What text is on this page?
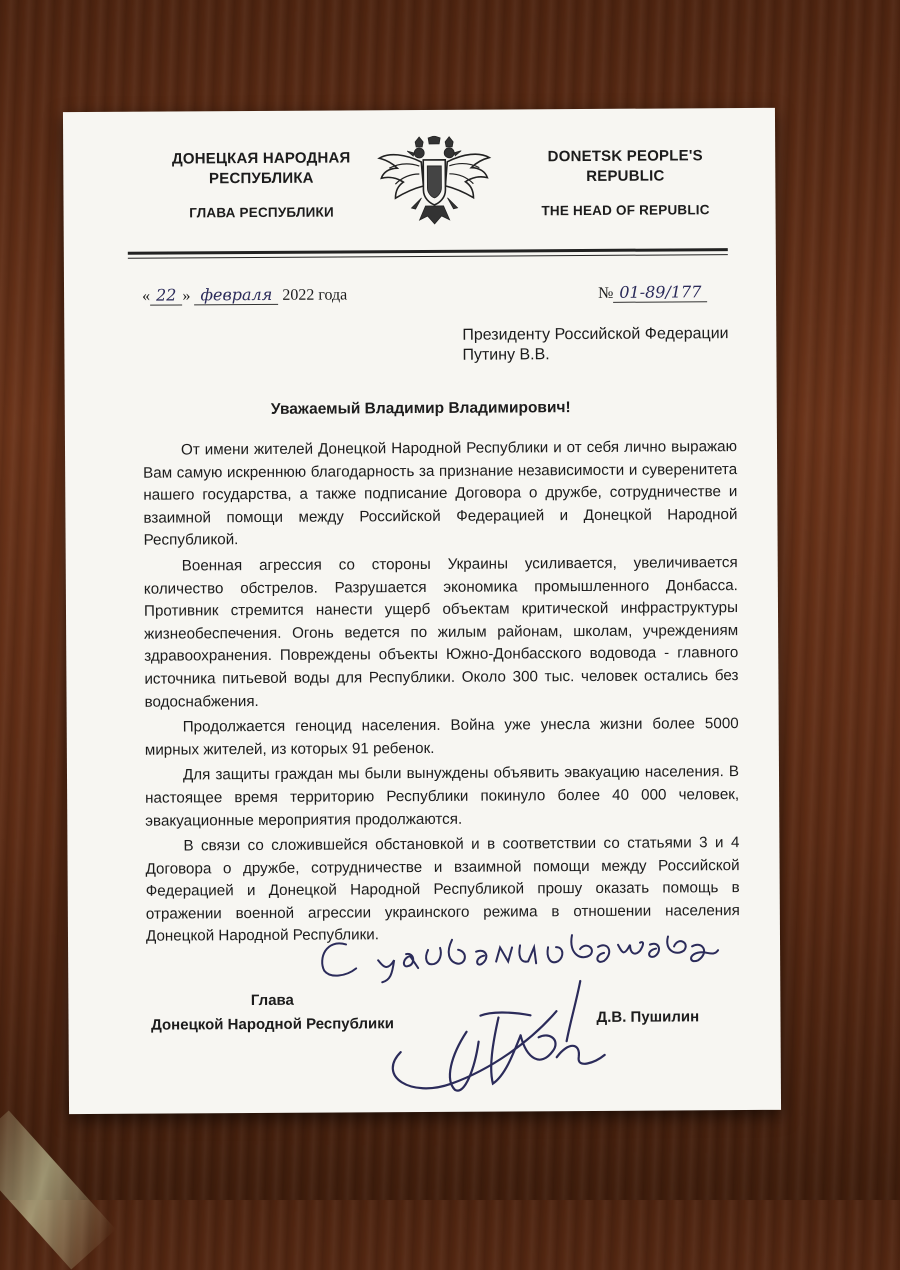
ДОНЕЦКАЯ НАРОДНАЯ РЕСПУБЛИКА
ГЛАВА РЕСПУБЛИКИ
DONETSK PEOPLE'S REPUBLIC
THE HEAD OF REPUBLIC
« 22 » февраля 2022 года	№ 01-89/177
Президенту Российской Федерации
Путину В.В.
Уважаемый Владимир Владимирович!

От имени жителей Донецкой Народной Республики и от себя лично выражаю Вам самую искреннюю благодарность за признание независимости и суверенитета нашего государства, а также подписание Договора о дружбе, сотрудничестве и взаимной помощи между Российской Федерацией и Донецкой Народной Республикой.

Военная агрессия со стороны Украины усиливается, увеличивается количество обстрелов. Разрушается экономика промышленного Донбасса. Противник стремится нанести ущерб объектам критической инфраструктуры жизнеобеспечения. Огонь ведется по жилым районам, школам, учреждениям здравоохранения. Повреждены объекты Южно-Донбасского водовода - главного источника питьевой воды для Республики. Около 300 тыс. человек остались без водоснабжения.

Продолжается геноцид населения. Война уже унесла жизни более 5000 мирных жителей, из которых 91 ребенок.

Для защиты граждан мы были вынуждены объявить эвакуацию населения. В настоящее время территорию Республики покинуло более 40 000 человек, эвакуационные мероприятия продолжаются.

В связи со сложившейся обстановкой и в соответствии со статьями 3 и 4 Договора о дружбе, сотрудничестве и взаимной помощи между Российской Федерацией и Донецкой Народной Республикой прошу оказать помощь в отражении военной агрессии украинского режима в отношении населения Донецкой Народной Республики.

Глава
Донецкой Народной Республики	Д.В. Пушилин
